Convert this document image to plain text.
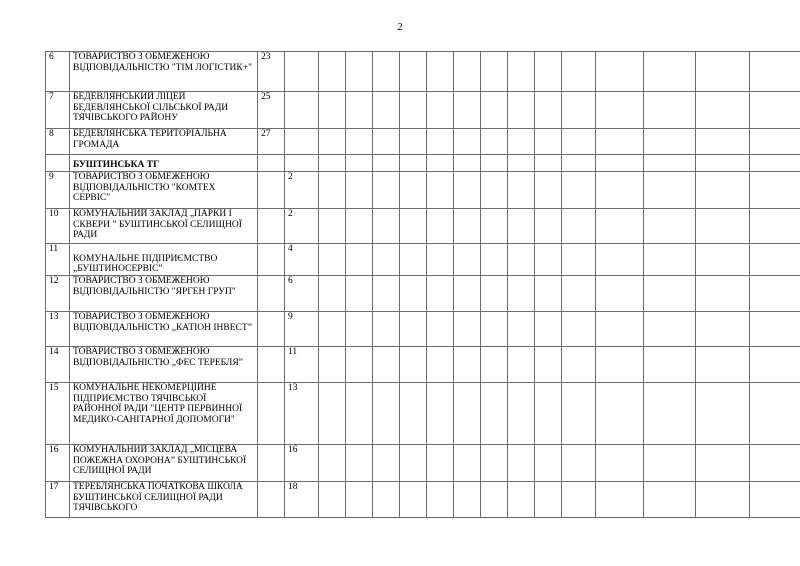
2
6	ТОВАРИСТВО З ОБМЕЖЕНОЮ ВІДПОВІДАЛЬНІСТЮ "ТІМ ЛОГІСТИК+"	23															
7	БЕДЕВЛЯНСЬКИЙ ЛІЦЕЙ БЕДЕВЛЯНСЬКОЇ СІЛЬСЬКОЇ РАДИ ТЯЧІВСЬКОГО РАЙОНУ	25															
8	БЕДЕВЛЯНСЬКА ТЕРИТОРІАЛЬНА ГРОМАДА	27															
	БУШТИНСЬКА ТГ																
9	ТОВАРИСТВО З ОБМЕЖЕНОЮ ВІДПОВІДАЛЬНІСТЮ "КОМТЕХ СЕРВІС"		2														
10	КОМУНАЛЬНИЙ ЗАКЛАД „ПАРКИ І СКВЕРИ ” БУШТИНСЬКОЇ СЕЛИЩНОЇ РАДИ		2														
11	КОМУНАЛЬНЕ ПІДПРИЄМСТВО „БУШТИНОСЕРВІС”		4														
12	ТОВАРИСТВО З ОБМЕЖЕНОЮ ВІДПОВІДАЛЬНІСТЮ "ЯРГЕН ГРУП"		6														
13	ТОВАРИСТВО З ОБМЕЖЕНОЮ ВІДПОВІДАЛЬНІСТЮ „КАТІОН ІНВЕСТ”		9														
14	ТОВАРИСТВО З ОБМЕЖЕНОЮ ВІДПОВІДАЛЬНІСТЮ „ФЕС ТЕРЕБЛЯ”		11														
15	КОМУНАЛЬНЕ НЕКОМЕРЦІЙНЕ ПІДПРИЄМСТВО ТЯЧІВСЬКОЇ РАЙОННОЇ РАДИ "ЦЕНТР ПЕРВИННОЇ МЕДИКО-САНІТАРНОЇ ДОПОМОГИ"		13														
16	КОМУНАЛЬНИЙ ЗАКЛАД „МІСЦЕВА ПОЖЕЖНА ОХОРОНА” БУШТИНСЬКОЇ СЕЛИЩНОЇ РАДИ		16														
17	ТЕРЕБЛЯНСЬКА ПОЧАТКОВА ШКОЛА БУШТИНСЬКОЇ СЕЛИЩНОЇ РАДИ ТЯЧІВСЬКОГО		18														
